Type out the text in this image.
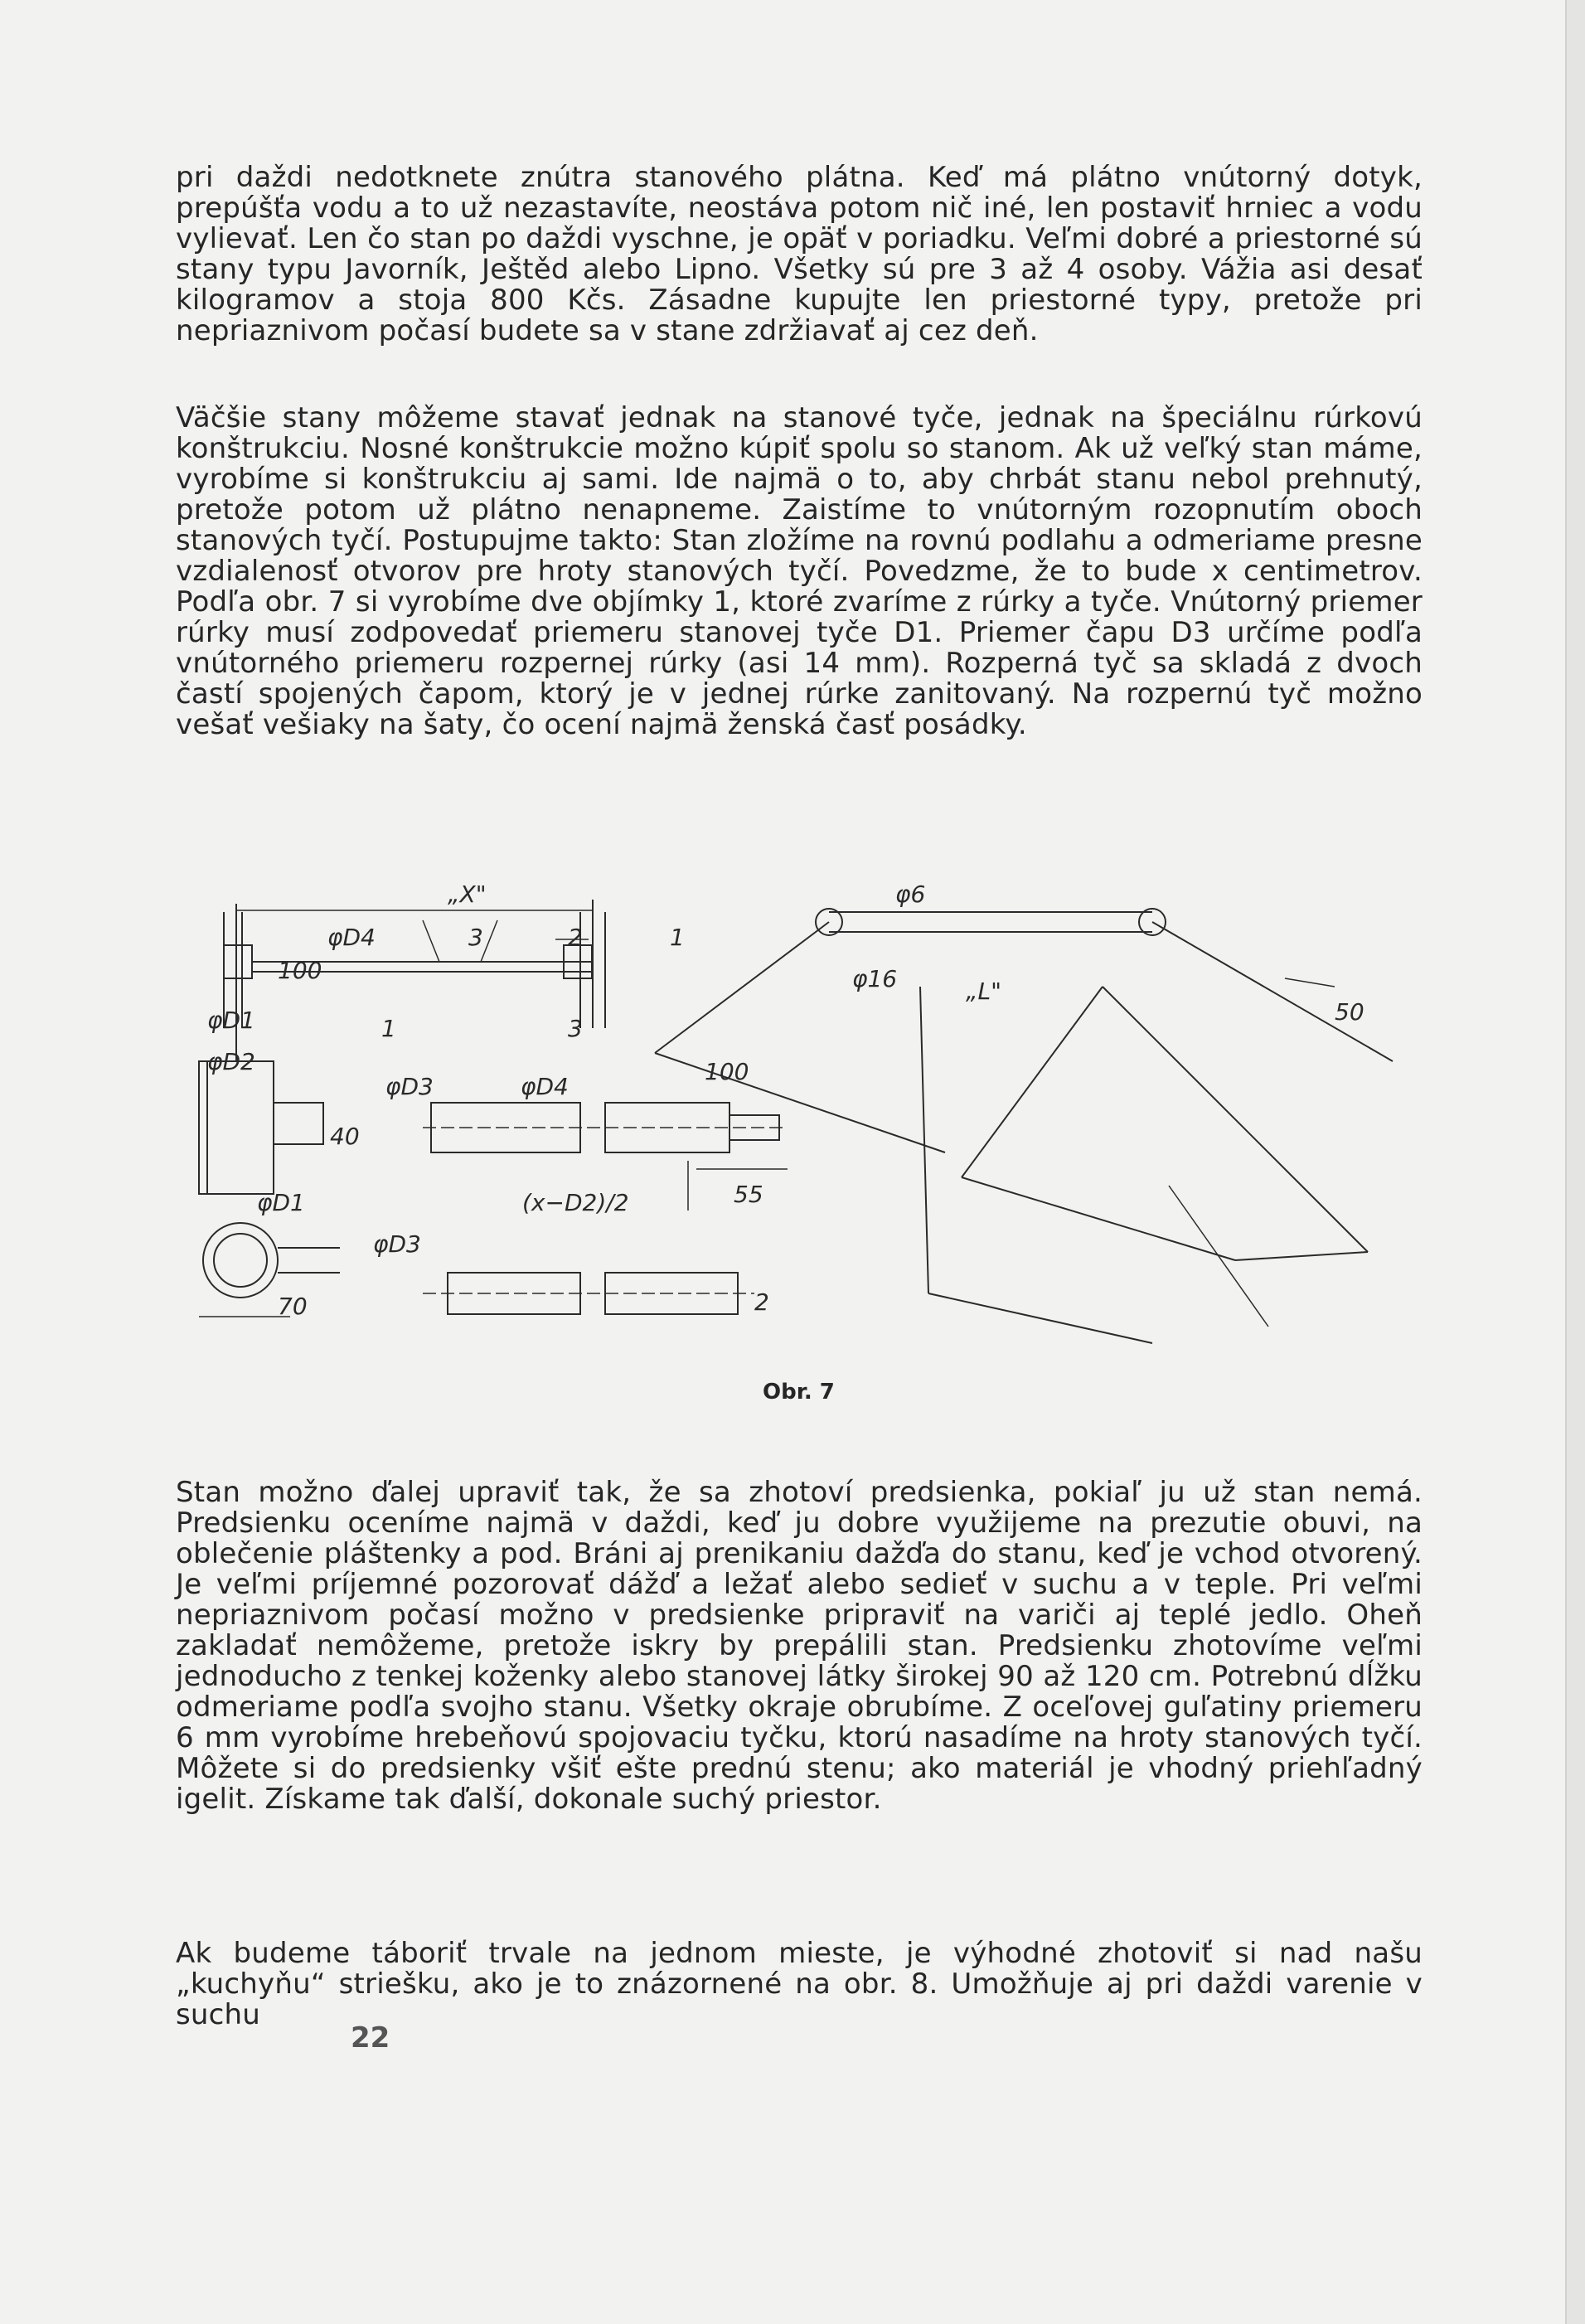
pri daždi nedotknete znútra stanového plátna. Keď má plátno vnútorný dotyk, prepúšťa vodu a to už nezastavíte, neostáva potom nič iné, len postaviť hrniec a vodu vylievať. Len čo stan po daždi vyschne, je opäť v poriadku. Veľmi dobré a priestorné sú stany typu Javorník, Ještěd alebo Lipno. Všetky sú pre 3 až 4 osoby. Vážia asi desať kilogramov a stoja 800 Kčs. Zásadne kupujte len priestorné typy, pretože pri nepriaznivom počasí budete sa v stane zdržiavať aj cez deň.

Väčšie stany môžeme stavať jednak na stanové tyče, jednak na špeciálnu rúrkovú konštrukciu. Nosné konštrukcie možno kúpiť spolu so stanom. Ak už veľký stan máme, vyrobíme si konštrukciu aj sami. Ide najmä o to, aby chrbát stanu nebol prehnutý, pretože potom už plátno nenapneme. Zaistíme to vnútorným rozopnutím oboch stanových tyčí. Postupujme takto: Stan zložíme na rovnú podlahu a odmeriame presne vzdialenosť otvorov pre hroty stanových tyčí. Povedzme, že to bude x centimetrov. Podľa obr. 7 si vyrobíme dve objímky 1, ktoré zvaríme z rúrky a tyče. Vnútorný priemer rúrky musí zodpovedať priemeru stanovej tyče D1. Priemer čapu D3 určíme podľa vnútorného priemeru rozpernej rúrky (asi 14 mm). Rozperná tyč sa skladá z dvoch častí spojených čapom, ktorý je v jednej rúrke zanitovaný. Na rozpernú tyč možno vešať vešiaky na šaty, čo ocení najmä ženská časť posádky.

„X"
„L"
φD1
φD2
φD1
φD3
φD3
φD4
φD4
φ6
φ16
1
1
2
2
3
3
100
100
40
70
55
50
(x−D2)/2
Obr. 7

Stan možno ďalej upraviť tak, že sa zhotoví predsienka, pokiaľ ju už stan nemá. Predsienku oceníme najmä v daždi, keď ju dobre využijeme na prezutie obuvi, na oblečenie pláštenky a pod. Bráni aj prenikaniu dažďa do stanu, keď je vchod otvorený. Je veľmi príjemné pozorovať dážď a ležať alebo sedieť v suchu a v teple. Pri veľmi nepriaznivom počasí možno v predsienke pripraviť na variči aj teplé jedlo. Oheň zakladať nemôžeme, pretože iskry by prepálili stan. Predsienku zhotovíme veľmi jednoducho z tenkej koženky alebo stanovej látky širokej 90 až 120 cm. Potrebnú dĺžku odmeriame podľa svojho stanu. Všetky okraje obrubíme. Z oceľovej guľatiny priemeru 6 mm vyrobíme hrebeňovú spojovaciu tyčku, ktorú nasadíme na hroty stanových tyčí. Môžete si do predsienky všiť ešte prednú stenu; ako materiál je vhodný priehľadný igelit. Získame tak ďalší, dokonale suchý priestor.

Ak budeme táboriť trvale na jednom mieste, je výhodné zhotoviť si nad našu „kuchyňu“ striešku, ako je to znázornené na obr. 8. Umožňuje aj pri daždi varenie v suchu

22
